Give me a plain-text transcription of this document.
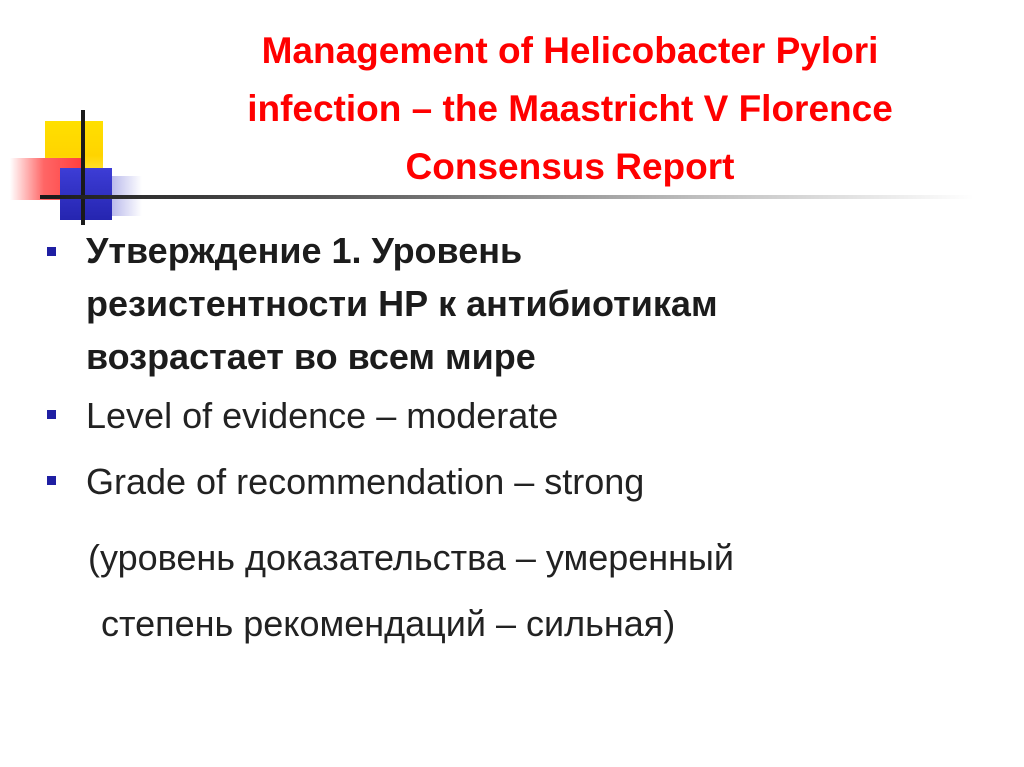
Management of Helicobacter Pylori
infection – the Maastricht V Florence
Consensus Report
Утверждение 1. Уровень
резистентности НР к антибиотикам
возрастает во всем мире
Level of evidence – moderate
Grade of recommendation – strong

(уровень доказательства – умеренный

степень рекомендаций – сильная)
